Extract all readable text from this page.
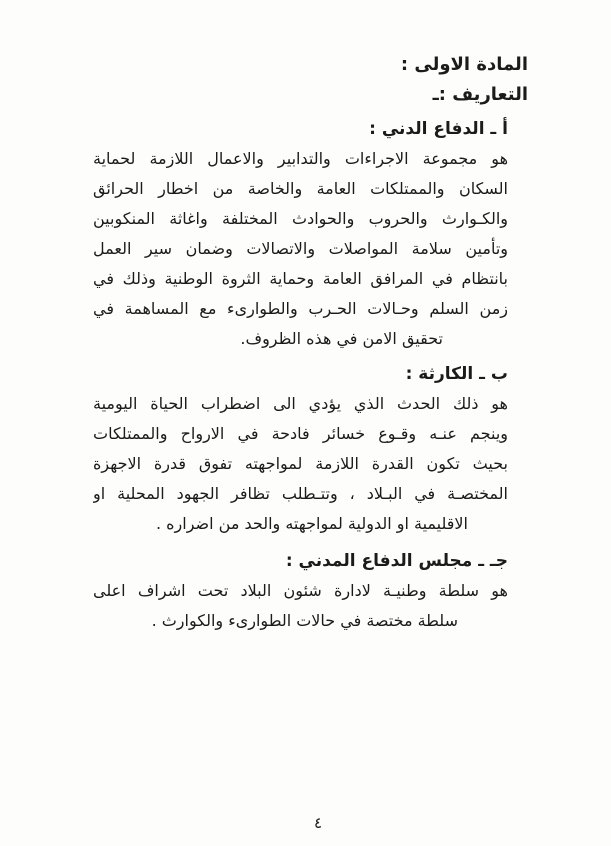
المادة الاولى :
التعاريف :ـ
أ ـ الدفاع الدني :
هو مجموعة الاجراءات والتدابير والاعمال اللازمة لحماية
السكان والممتلكات العامة والخاصة من اخطار الحرائق
والكـوارث والحروب والحوادث المختلفة واغاثة المنكوبين
وتأمين سلامة المواصلات والاتصالات وضمان سير العمل
بانتظام في المرافق العامة وحماية الثروة الوطنية وذلك في
زمن السلم وحـالات الحـرب والطوارىء مع المساهمة في
تحقيق الامن في هذه الظروف.
ب ـ الكارثة :
هو ذلك الحدث الذي يؤدي الى اضطراب الحياة اليومية
وينجم عنـه وقـوع خسائر فادحة في الارواح والممتلكات
بحيث تكون القدرة اللازمة لمواجهته تفوق قدرة الاجهزة
المختصـة في البـلاد ، وتتـطلب تظافر الجهود المحلية او
الاقليمية او الدولية لمواجهته والحد من اضراره .
جـ ـ مجلس الدفاع المدني :
هو سلطة وطنيـة لادارة شئون البلاد تحت اشراف اعلى
سلطة مختصة في حالات الطوارىء والكوارث .
٤
